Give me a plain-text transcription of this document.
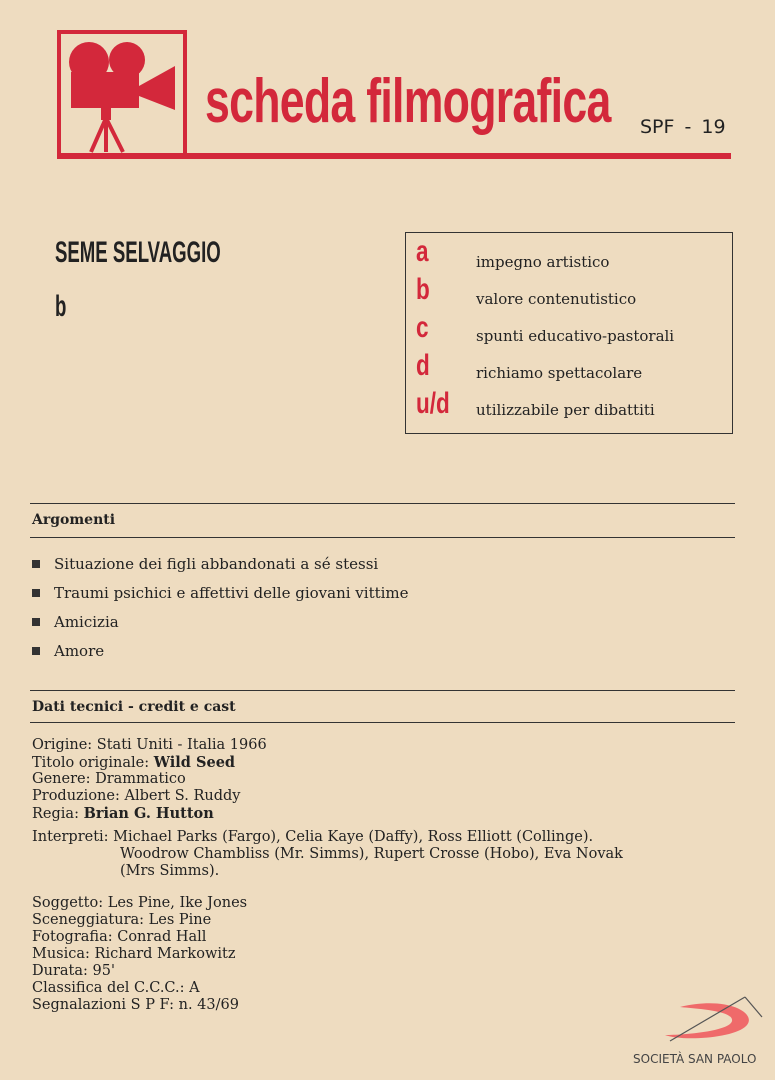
scheda filmografica SPF - 19
SEME SELVAGGIO
b
a	impegno artistico
b	valore contenutistico
c	spunti educativo-pastorali
d	richiamo spettacolare
u/d utilizzabile per dibattiti
Argomenti
Situazione dei figli abbandonati a sé stessi
Traumi psichici e affettivi delle giovani vittime
Amicizia
Amore
Dati tecnici - credit e cast
Origine: Stati Uniti - Italia 1966
Titolo originale: Wild Seed
Genere: Drammatico
Produzione: Albert S. Ruddy
Regia: Brian G. Hutton
Interpreti: Michael Parks (Fargo), Celia Kaye (Daffy), Ross Elliott (Collinge).
Woodrow Chambliss (Mr. Simms), Rupert Crosse (Hobo), Eva Novak
(Mrs Simms).
Soggetto: Les Pine, Ike Jones
Sceneggiatura: Les Pine
Fotografia: Conrad Hall
Musica: Richard Markowitz
Durata: 95'
Classifica del C.C.C.: A
Segnalazioni S P F: n. 43/69
SOCIETÀ SAN PAOLO
